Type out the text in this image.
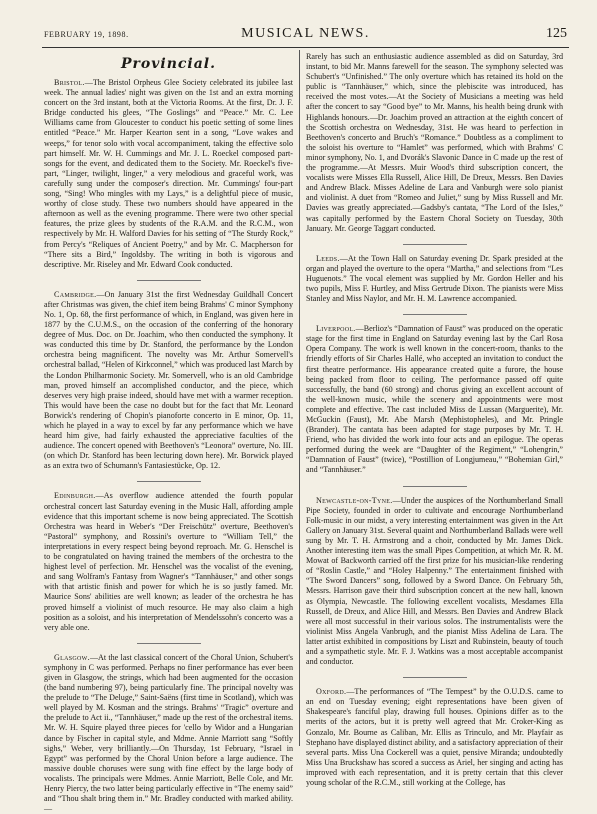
FEBRUARY 19, 1898.	MUSICAL NEWS.	125
Provincial.

Bristol.—The Bristol Orpheus Glee Society celebrated its jubilee last week. The annual ladies' night was given on the 1st and an extra morning concert on the 3rd instant, both at the Victoria Rooms. At the first, Dr. J. F. Bridge conducted his glees, “The Goslings” and “Peace.” Mr. C. Lee Williams came from Gloucester to conduct his poetic setting of some lines entitled “Peace.” Mr. Harper Kearton sent in a song, “Love wakes and weeps,” for tenor solo with vocal accompaniment, taking the effective solo part himself. Mr. W. H. Cummings and Mr. J. L. Roeckel composed part-songs for the event, and dedicated them to the Society. Mr. Roeckel's five-part, “Linger, twilight, linger,” a very melodious and graceful work, was carefully sung under the composer's direction. Mr. Cummings' four-part song, “Sing! Who mingles with my Lays,” is a delightful piece of music, worthy of close study. These two numbers should have appeared in the afternoon as well as the evening programme. There were two other special features, the prize glees by students of the R.A.M. and the R.C.M., won respectively by Mr. H. Walford Davies for his setting of “The Sturdy Rock,” from Percy's “Reliques of Ancient Poetry,” and by Mr. C. Macpherson for “There sits a Bird,” Ingoldsby. The writing in both is vigorous and descriptive. Mr. Riseley and Mr. Edward Cook conducted.

Cambridge.—On January 31st the first Wednesday Guildhall Concert after Christmas was given, the chief item being Brahms' C minor Symphony No. 1, Op. 68, the first performance of which, in England, was given here in 1877 by the C.U.M.S., on the occasion of the conferring of the honorary degree of Mus. Doc. on Dr. Joachim, who then conducted the symphony. It was conducted this time by Dr. Stanford, the performance by the London orchestra being magnificent. The novelty was Mr. Arthur Somervell's orchestral ballad, “Helen of Kirkconnel,” which was produced last March by the London Philharmonic Society. Mr. Somervell, who is an old Cambridge man, proved himself an accomplished conductor, and the piece, which deserves very high praise indeed, should have met with a warmer reception. This would have been the case no doubt but for the fact that Mr. Leonard Borwick's rendering of Chopin's pianoforte concerto in E minor, Op. 11, which he played in a way to excel by far any performance which we have heard him give, had fairly exhausted the appreciative faculties of the audience. The concert opened with Beethoven's “Leonora” overture, No. III. (on which Dr. Stanford has been lecturing down here). Mr. Borwick played as an extra two of Schumann's Fantasiestücke, Op. 12.

Edinburgh.—As overflow audience attended the fourth popular orchestral concert last Saturday evening in the Music Hall, affording ample evidence that this important scheme is now being appreciated. The Scottish Orchestra was heard in Weber's “Der Freischütz” overture, Beethoven's “Pastoral” symphony, and Rossini's overture to “William Tell,” the interpretations in every respect being beyond reproach. Mr. G. Henschel is to be congratulated on having trained the members of the orchestra to the highest level of perfection. Mr. Henschel was the vocalist of the evening, and sang Wolfram's Fantasy from Wagner's “Tannhäuser,” and other songs with that artistic finish and power for which he is so justly famed. Mr. Maurice Sons' abilities are well known; as leader of the orchestra he has proved himself a violinist of much resource. He may also claim a high position as a soloist, and his interpretation of Mendelssohn's concerto was a very able one.

Glasgow.—At the last classical concert of the Choral Union, Schubert's symphony in C was performed. Perhaps no finer performance has ever been given in Glasgow, the strings, which had been augmented for the occasion (the band numbering 97), being particularly fine. The principal novelty was the prelude to “The Deluge,” Saint-Saëns (first time in Scotland), which was well played by M. Kosman and the strings. Brahms' “Tragic” overture and the prelude to Act ii., “Tannhäuser,” made up the rest of the orchestral items. Mr. W. H. Squire played three pieces for 'cello by Widor and a Hungarian dance by Fischer in capital style, and Mdme. Annie Marriott sang “Softly sighs,” Weber, very brilliantly.—On Thursday, 1st February, “Israel in Egypt” was performed by the Choral Union before a large audience. The massive double choruses were sung with fine effect by the large body of vocalists. The principals were Mdmes. Annie Marriott, Belle Cole, and Mr. Henry Piercy, the two latter being particularly effective in “The enemy said” and “Thou shalt bring them in.” Mr. Bradley conducted with marked ability.—

Rarely has such an enthusiastic audience assembled as did on Saturday, 3rd instant, to bid Mr. Manns farewell for the season. The symphony selected was Schubert's “Unfinished.” The only overture which has retained its hold on the public is “Tannhäuser,” which, since the plebiscite was introduced, has received the most votes.—At the Society of Musicians a meeting was held after the concert to say “Good bye” to Mr. Manns, his health being drunk with Highlands honours.—Dr. Joachim proved an attraction at the eighth concert of the Scottish orchestra on Wednesday, 31st. He was heard to perfection in Beethoven's concerto and Bruch's “Romance.” Doubtless as a compliment to the soloist his overture to “Hamlet” was performed, which with Brahms' C minor symphony, No. 1, and Dvorák's Slavonic Dance in C made up the rest of the programme.—At Messrs. Muir Wood's third subscription concert, the vocalists were Misses Ella Russell, Alice Hill, De Dreux, Messrs. Ben Davies and Andrew Black. Misses Adeline de Lara and Vanburgh were solo pianist and violinist. A duet from “Romeo and Juliet,” sung by Miss Russell and Mr. Davies was greatly appreciated.—Gadsby's cantata, “The Lord of the Isles,” was capitally performed by the Eastern Choral Society on Tuesday, 30th January. Mr. George Taggart conducted.

Leeds.—At the Town Hall on Saturday evening Dr. Spark presided at the organ and played the overture to the opera “Martha,” and selections from “Les Huguenots.” The vocal element was supplied by Mr. Gordon Heller and his two pupils, Miss F. Hurtley, and Miss Gertrude Dixon. The pianists were Miss Stanley and Miss Naylor, and Mr. H. M. Lawrence accompanied.

Liverpool.—Berlioz's “Damnation of Faust” was produced on the operatic stage for the first time in England on Saturday evening last by the Carl Rosa Opera Company. The work is well known in the concert-room, thanks to the friendly efforts of Sir Charles Hallé, who accepted an invitation to conduct the first theatre performance. His appearance created quite a furore, the house being packed from floor to ceiling. The performance passed off quite successfully, the band (60 strong) and chorus giving an excellent account of the well-known music, while the scenery and appointments were most complete and effective. The cast included Miss de Lussan (Marguerite), Mr. McGuckin (Faust), Mr. Abe Marsh (Mephistopheles), and Mr. Pringle (Brander). The cantata has been adapted for stage purposes by Mr. T. H. Friend, who has divided the work into four acts and an epilogue. The operas performed during the week are “Daughter of the Regiment,” “Lohengrin,” “Damnation of Faust” (twice), “Postillion of Longjumeau,” “Bohemian Girl,” and “Tannhäuser.”

Newcastle-on-Tyne.—Under the auspices of the Northumberland Small Pipe Society, founded in order to cultivate and encourage Northumberland Folk-music in our midst, a very interesting entertainment was given in the Art Gallery on January 31st. Several quaint and Northumberland Ballads were well sung by Mr. T. H. Armstrong and a choir, conducted by Mr. James Dick. Another interesting item was the small Pipes Competition, at which Mr. R. M. Mowat of Backworth carried off the first prize for his musician-like rendering of “Roslin Castle,” and “Holey Halpenny.” The entertainment finished with “The Sword Dancers” song, followed by a Sword Dance. On February 5th, Messrs. Harrison gave their third subscription concert at the new hall, known as Olympia, Newcastle. The following excellent vocalists, Mesdames Ella Russell, de Dreux, and Alice Hill, and Messrs. Ben Davies and Andrew Black were all most successful in their various solos. The instrumentalists were the violinist Miss Angela Vanbrugh, and the pianist Miss Adelina de Lara. The latter artist exhibited in compositions by Liszt and Rubinstein, beauty of touch and a sympathetic style. Mr. F. J. Watkins was a most acceptable accompanist and conductor.

Oxford.—The performances of “The Tempest” by the O.U.D.S. came to an end on Tuesday evening; eight representations have been given of Shakespeare's fanciful play, drawing full houses. Opinions differ as to the merits of the actors, but it is pretty well agreed that Mr. Croker-King as Gonzalo, Mr. Bourne as Caliban, Mr. Ellis as Trinculo, and Mr. Playfair as Stephano have displayed distinct ability, and a satisfactory appreciation of their several parts. Miss Una Cockerell was a quiet, pensive Miranda; undoubtedly Miss Una Bruckshaw has scored a success as Ariel, her singing and acting has improved with each representation, and it is pretty certain that this clever young scholar of the R.C.M., still working at the College, has
